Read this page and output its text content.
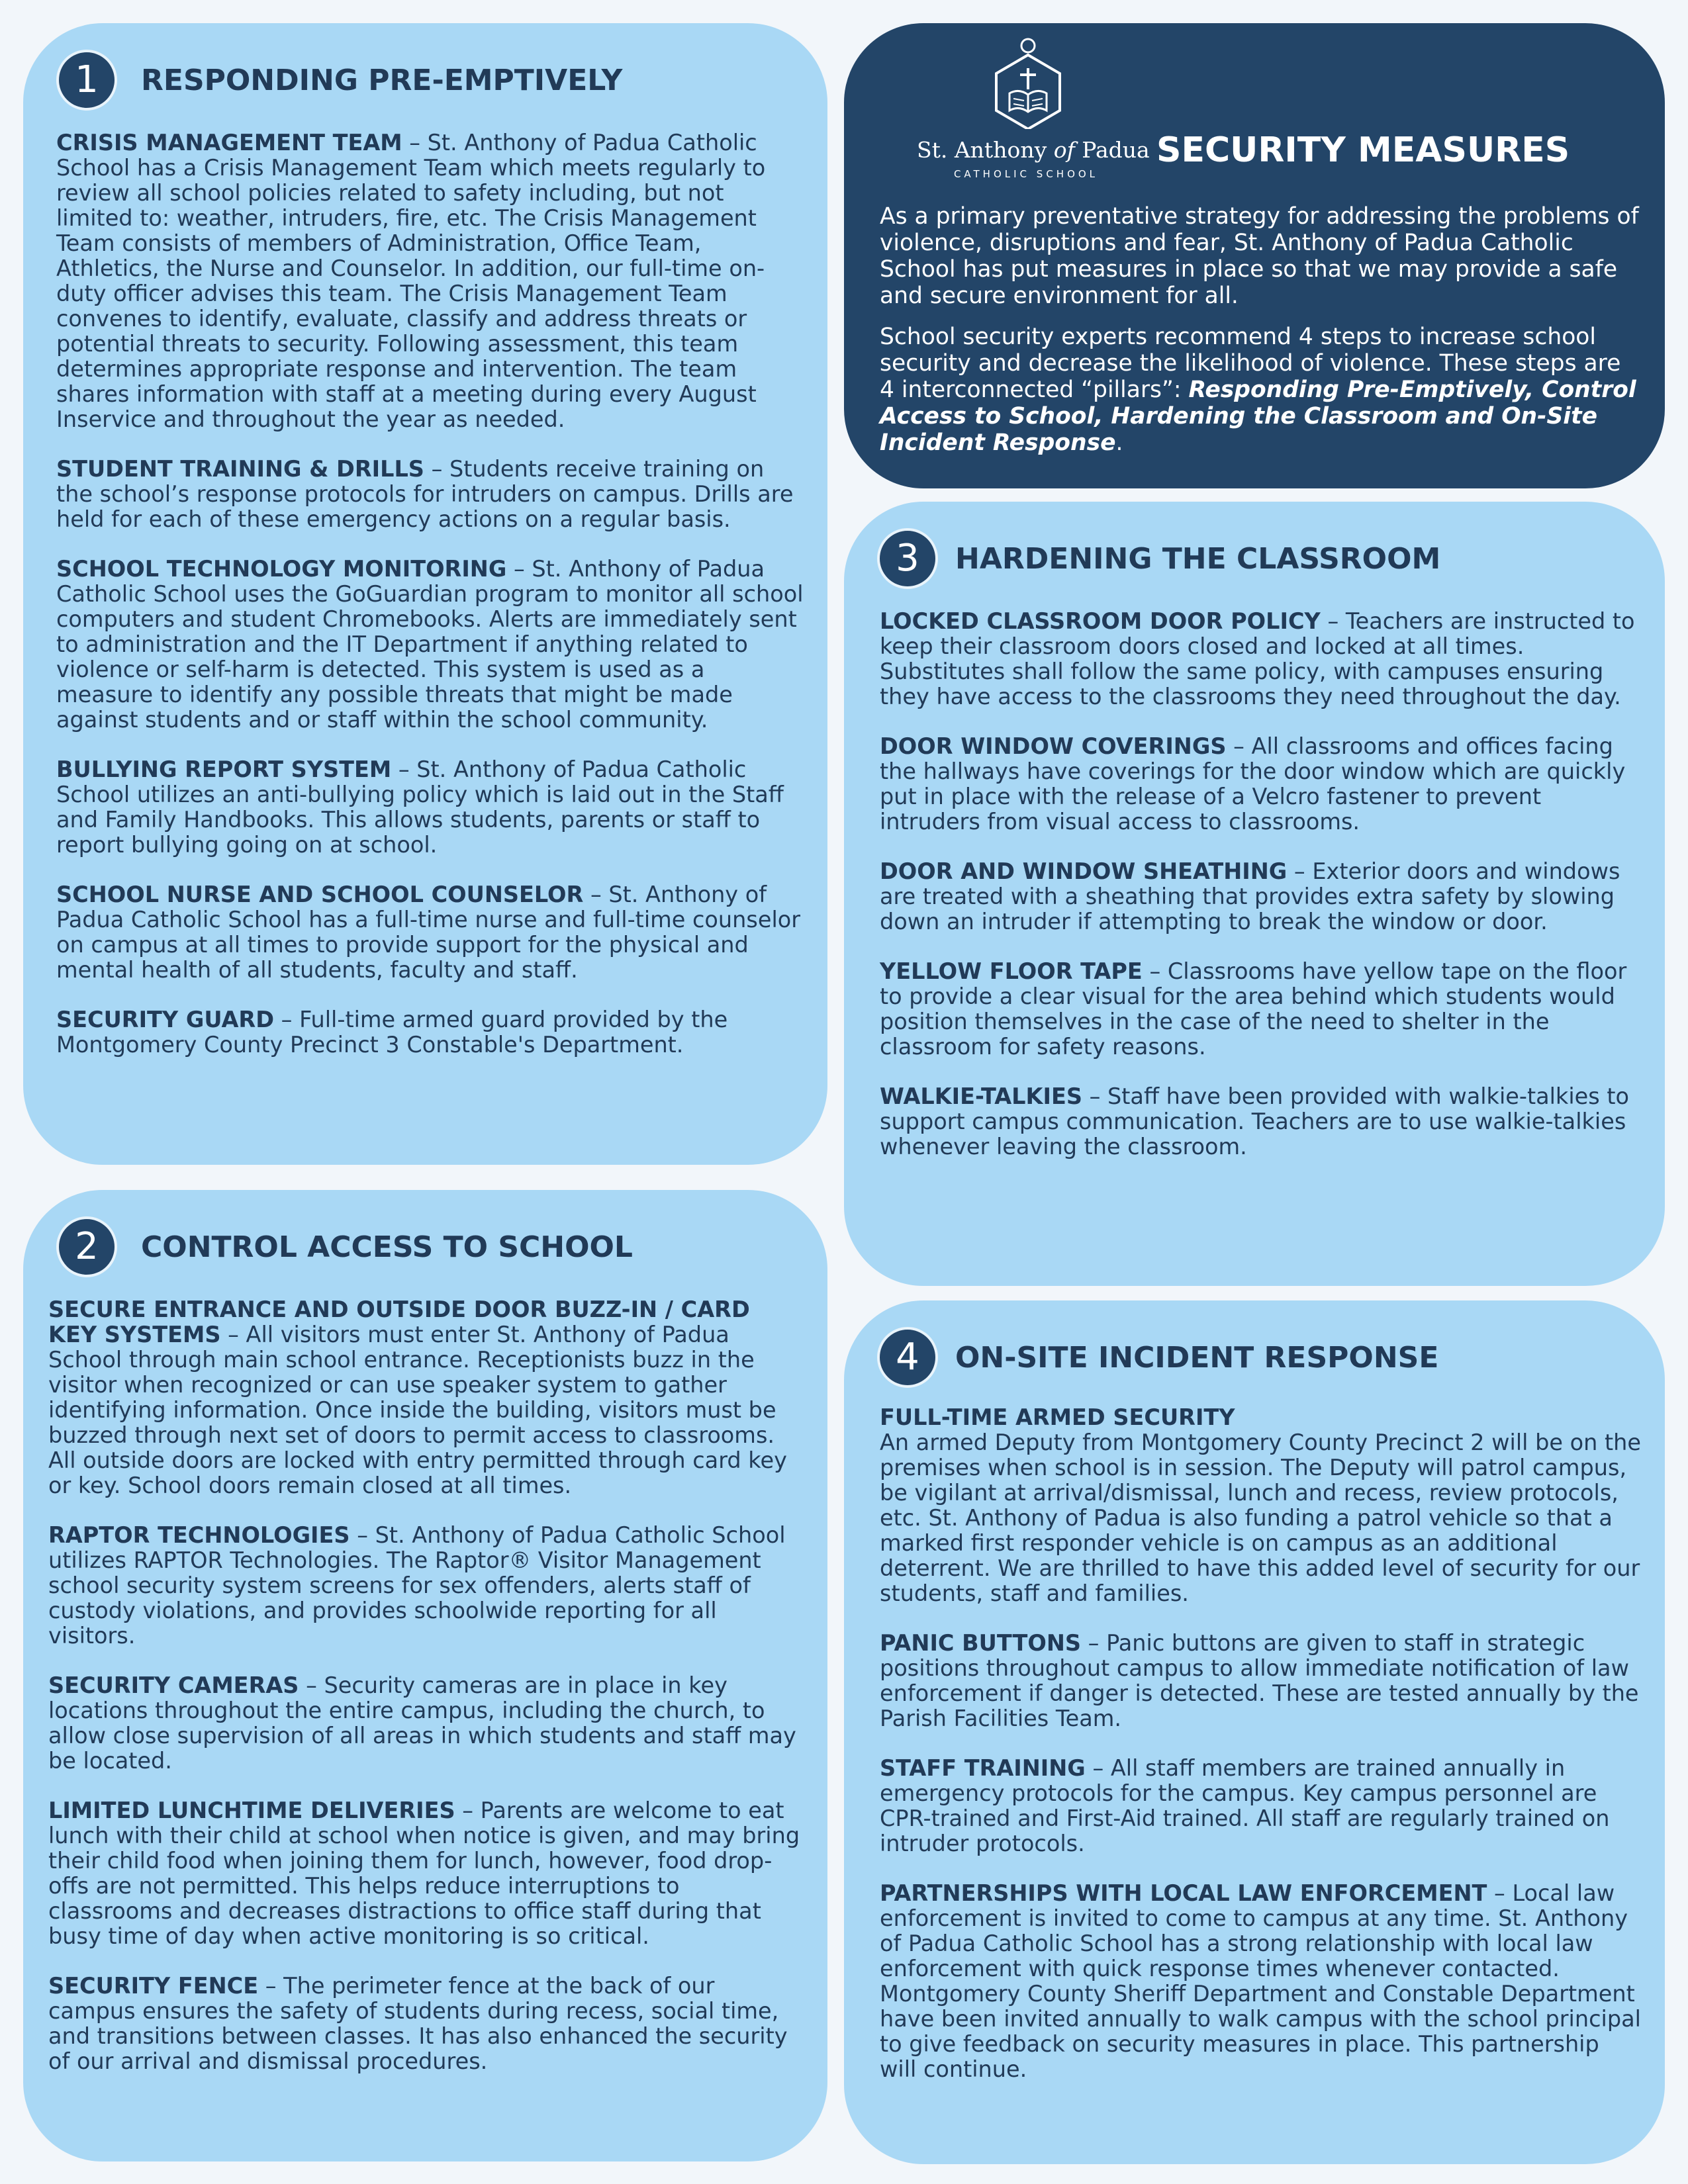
1	RESPONDING PRE-EMPTIVELY
CRISIS MANAGEMENT TEAM – St. Anthony of Padua Catholic School has a Crisis Management Team which meets regularly to review all school policies related to safety including, but not limited to: weather, intruders, fire, etc. The Crisis Management Team consists of members of Administration, Office Team, Athletics, the Nurse and Counselor. In addition, our full-time on-duty officer advises this team. The Crisis Management Team convenes to identify, evaluate, classify and address threats or potential threats to security. Following assessment, this team determines appropriate response and intervention. The team shares information with staff at a meeting during every August Inservice and throughout the year as needed.
STUDENT TRAINING & DRILLS – Students receive training on the school’s response protocols for intruders on campus. Drills are held for each of these emergency actions on a regular basis.
SCHOOL TECHNOLOGY MONITORING – St. Anthony of Padua Catholic School uses the GoGuardian program to monitor all school computers and student Chromebooks. Alerts are immediately sent to administration and the IT Department if anything related to violence or self-harm is detected. This system is used as a measure to identify any possible threats that might be made against students and or staff within the school community.
BULLYING REPORT SYSTEM – St. Anthony of Padua Catholic School utilizes an anti-bullying policy which is laid out in the Staff and Family Handbooks. This allows students, parents or staff to report bullying going on at school.
SCHOOL NURSE AND SCHOOL COUNSELOR – St. Anthony of Padua Catholic School has a full-time nurse and full-time counselor on campus at all times to provide support for the physical and mental health of all students, faculty and staff.
SECURITY GUARD – Full-time armed guard provided by the Montgomery County Precinct 3 Constable's Department.
2	CONTROL ACCESS TO SCHOOL
SECURE ENTRANCE AND OUTSIDE DOOR BUZZ-IN / CARD KEY SYSTEMS – All visitors must enter St. Anthony of Padua School through main school entrance. Receptionists buzz in the visitor when recognized or can use speaker system to gather identifying information. Once inside the building, visitors must be buzzed through next set of doors to permit access to classrooms. All outside doors are locked with entry permitted through card key or key. School doors remain closed at all times.
RAPTOR TECHNOLOGIES – St. Anthony of Padua Catholic School utilizes RAPTOR Technologies. The Raptor® Visitor Management school security system screens for sex offenders, alerts staff of custody violations, and provides schoolwide reporting for all visitors.
SECURITY CAMERAS – Security cameras are in place in key locations throughout the entire campus, including the church, to allow close supervision of all areas in which students and staff may be located.
LIMITED LUNCHTIME DELIVERIES – Parents are welcome to eat lunch with their child at school when notice is given, and may bring their child food when joining them for lunch, however, food drop-offs are not permitted. This helps reduce interruptions to classrooms and decreases distractions to office staff during that busy time of day when active monitoring is so critical.
SECURITY FENCE – The perimeter fence at the back of our campus ensures the safety of students during recess, social time, and transitions between classes. It has also enhanced the security of our arrival and dismissal procedures.
St. Anthony of Padua
CATHOLIC SCHOOL
SECURITY MEASURES

As a primary preventative strategy for addressing the problems of violence, disruptions and fear, St. Anthony of Padua Catholic School has put measures in place so that we may provide a safe and secure environment for all.

School security experts recommend 4 steps to increase school security and decrease the likelihood of violence. These steps are 4 interconnected “pillars”: Responding Pre-Emptively, Control Access to School, Hardening the Classroom and On-Site Incident Response.

3	HARDENING THE CLASSROOM
LOCKED CLASSROOM DOOR POLICY – Teachers are instructed to keep their classroom doors closed and locked at all times. Substitutes shall follow the same policy, with campuses ensuring they have access to the classrooms they need throughout the day.
DOOR WINDOW COVERINGS – All classrooms and offices facing the hallways have coverings for the door window which are quickly put in place with the release of a Velcro fastener to prevent intruders from visual access to classrooms.
DOOR AND WINDOW SHEATHING – Exterior doors and windows are treated with a sheathing that provides extra safety by slowing down an intruder if attempting to break the window or door.
YELLOW FLOOR TAPE – Classrooms have yellow tape on the floor to provide a clear visual for the area behind which students would position themselves in the case of the need to shelter in the classroom for safety reasons.
WALKIE-TALKIES – Staff have been provided with walkie-talkies to support campus communication. Teachers are to use walkie-talkies whenever leaving the classroom.
4	ON-SITE INCIDENT RESPONSE
FULL-TIME ARMED SECURITY
An armed Deputy from Montgomery County Precinct 2 will be on the premises when school is in session. The Deputy will patrol campus, be vigilant at arrival/dismissal, lunch and recess, review protocols, etc. St. Anthony of Padua is also funding a patrol vehicle so that a marked first responder vehicle is on campus as an additional deterrent. We are thrilled to have this added level of security for our students, staff and families.
PANIC BUTTONS – Panic buttons are given to staff in strategic positions throughout campus to allow immediate notification of law enforcement if danger is detected. These are tested annually by the Parish Facilities Team.
STAFF TRAINING – All staff members are trained annually in emergency protocols for the campus. Key campus personnel are CPR-trained and First-Aid trained. All staff are regularly trained on intruder protocols.
PARTNERSHIPS WITH LOCAL LAW ENFORCEMENT – Local law enforcement is invited to come to campus at any time. St. Anthony of Padua Catholic School has a strong relationship with local law enforcement with quick response times whenever contacted. Montgomery County Sheriff Department and Constable Department have been invited annually to walk campus with the school principal to give feedback on security measures in place. This partnership will continue.
